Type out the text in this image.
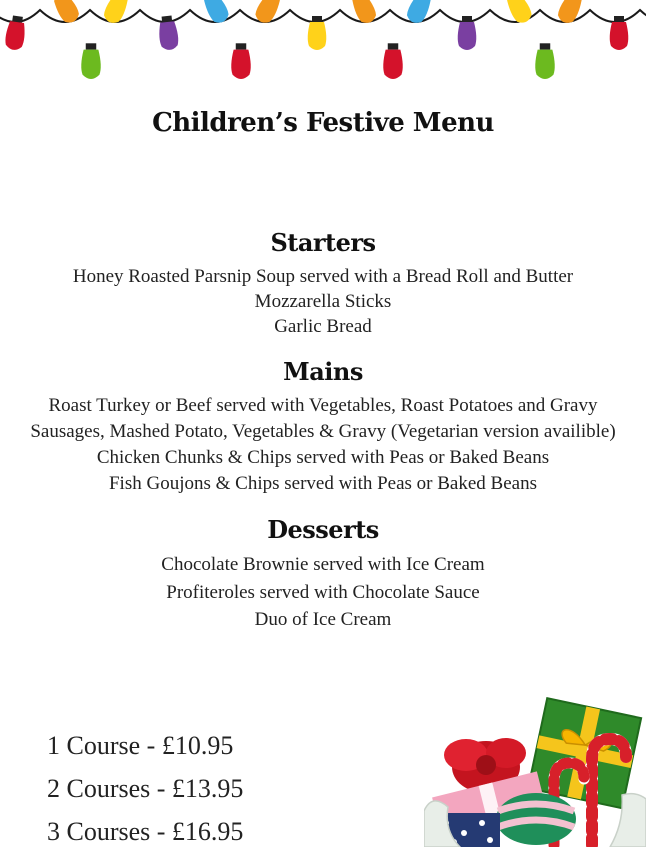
Children’s Festive Menu
Starters
Honey Roasted Parsnip Soup served with a Bread Roll and Butter
Mozzarella Sticks
Garlic Bread
Mains
Roast Turkey or Beef served with Vegetables, Roast Potatoes and Gravy
Sausages, Mashed Potato, Vegetables & Gravy (Vegetarian version availible)
Chicken Chunks & Chips served with Peas or Baked Beans
Fish Goujons & Chips served with Peas or Baked Beans
Desserts
Chocolate Brownie served with Ice Cream
Profiteroles served with Chocolate Sauce
Duo of Ice Cream
1 Course - £10.95
2 Courses - £13.95
3 Courses - £16.95
